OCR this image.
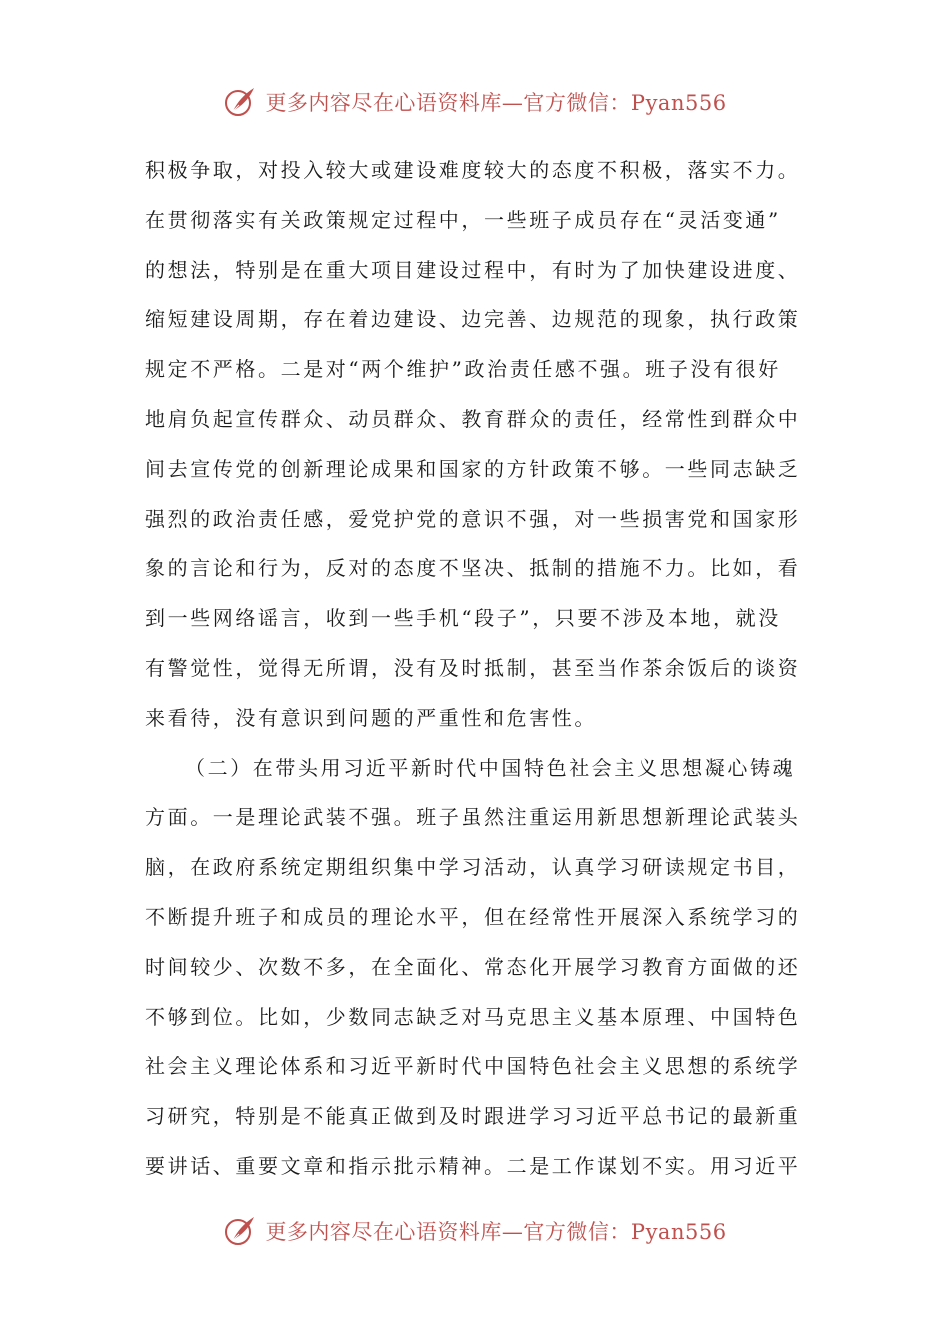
更多内容尽在心语资料库—官方微信：Pyan556
积极争取，对投入较大或建设难度较大的态度不积极，落实不力。
在贯彻落实有关政策规定过程中，一些班子成员存在“灵活变通”
的想法，特别是在重大项目建设过程中，有时为了加快建设进度、
缩短建设周期，存在着边建设、边完善、边规范的现象，执行政策
规定不严格。二是对“两个维护”政治责任感不强。班子没有很好
地肩负起宣传群众、动员群众、教育群众的责任，经常性到群众中
间去宣传党的创新理论成果和国家的方针政策不够。一些同志缺乏
强烈的政治责任感，爱党护党的意识不强，对一些损害党和国家形
象的言论和行为，反对的态度不坚决、抵制的措施不力。比如，看
到一些网络谣言，收到一些手机“段子”，只要不涉及本地，就没
有警觉性，觉得无所谓，没有及时抵制，甚至当作茶余饭后的谈资
来看待，没有意识到问题的严重性和危害性。
（二）在带头用习近平新时代中国特色社会主义思想凝心铸魂
方面。一是理论武装不强。班子虽然注重运用新思想新理论武装头
脑，在政府系统定期组织集中学习活动，认真学习研读规定书目，
不断提升班子和成员的理论水平，但在经常性开展深入系统学习的
时间较少、次数不多，在全面化、常态化开展学习教育方面做的还
不够到位。比如，少数同志缺乏对马克思主义基本原理、中国特色
社会主义理论体系和习近平新时代中国特色社会主义思想的系统学
习研究，特别是不能真正做到及时跟进学习习近平总书记的最新重
要讲话、重要文章和指示批示精神。二是工作谋划不实。用习近平
更多内容尽在心语资料库—官方微信：Pyan556
